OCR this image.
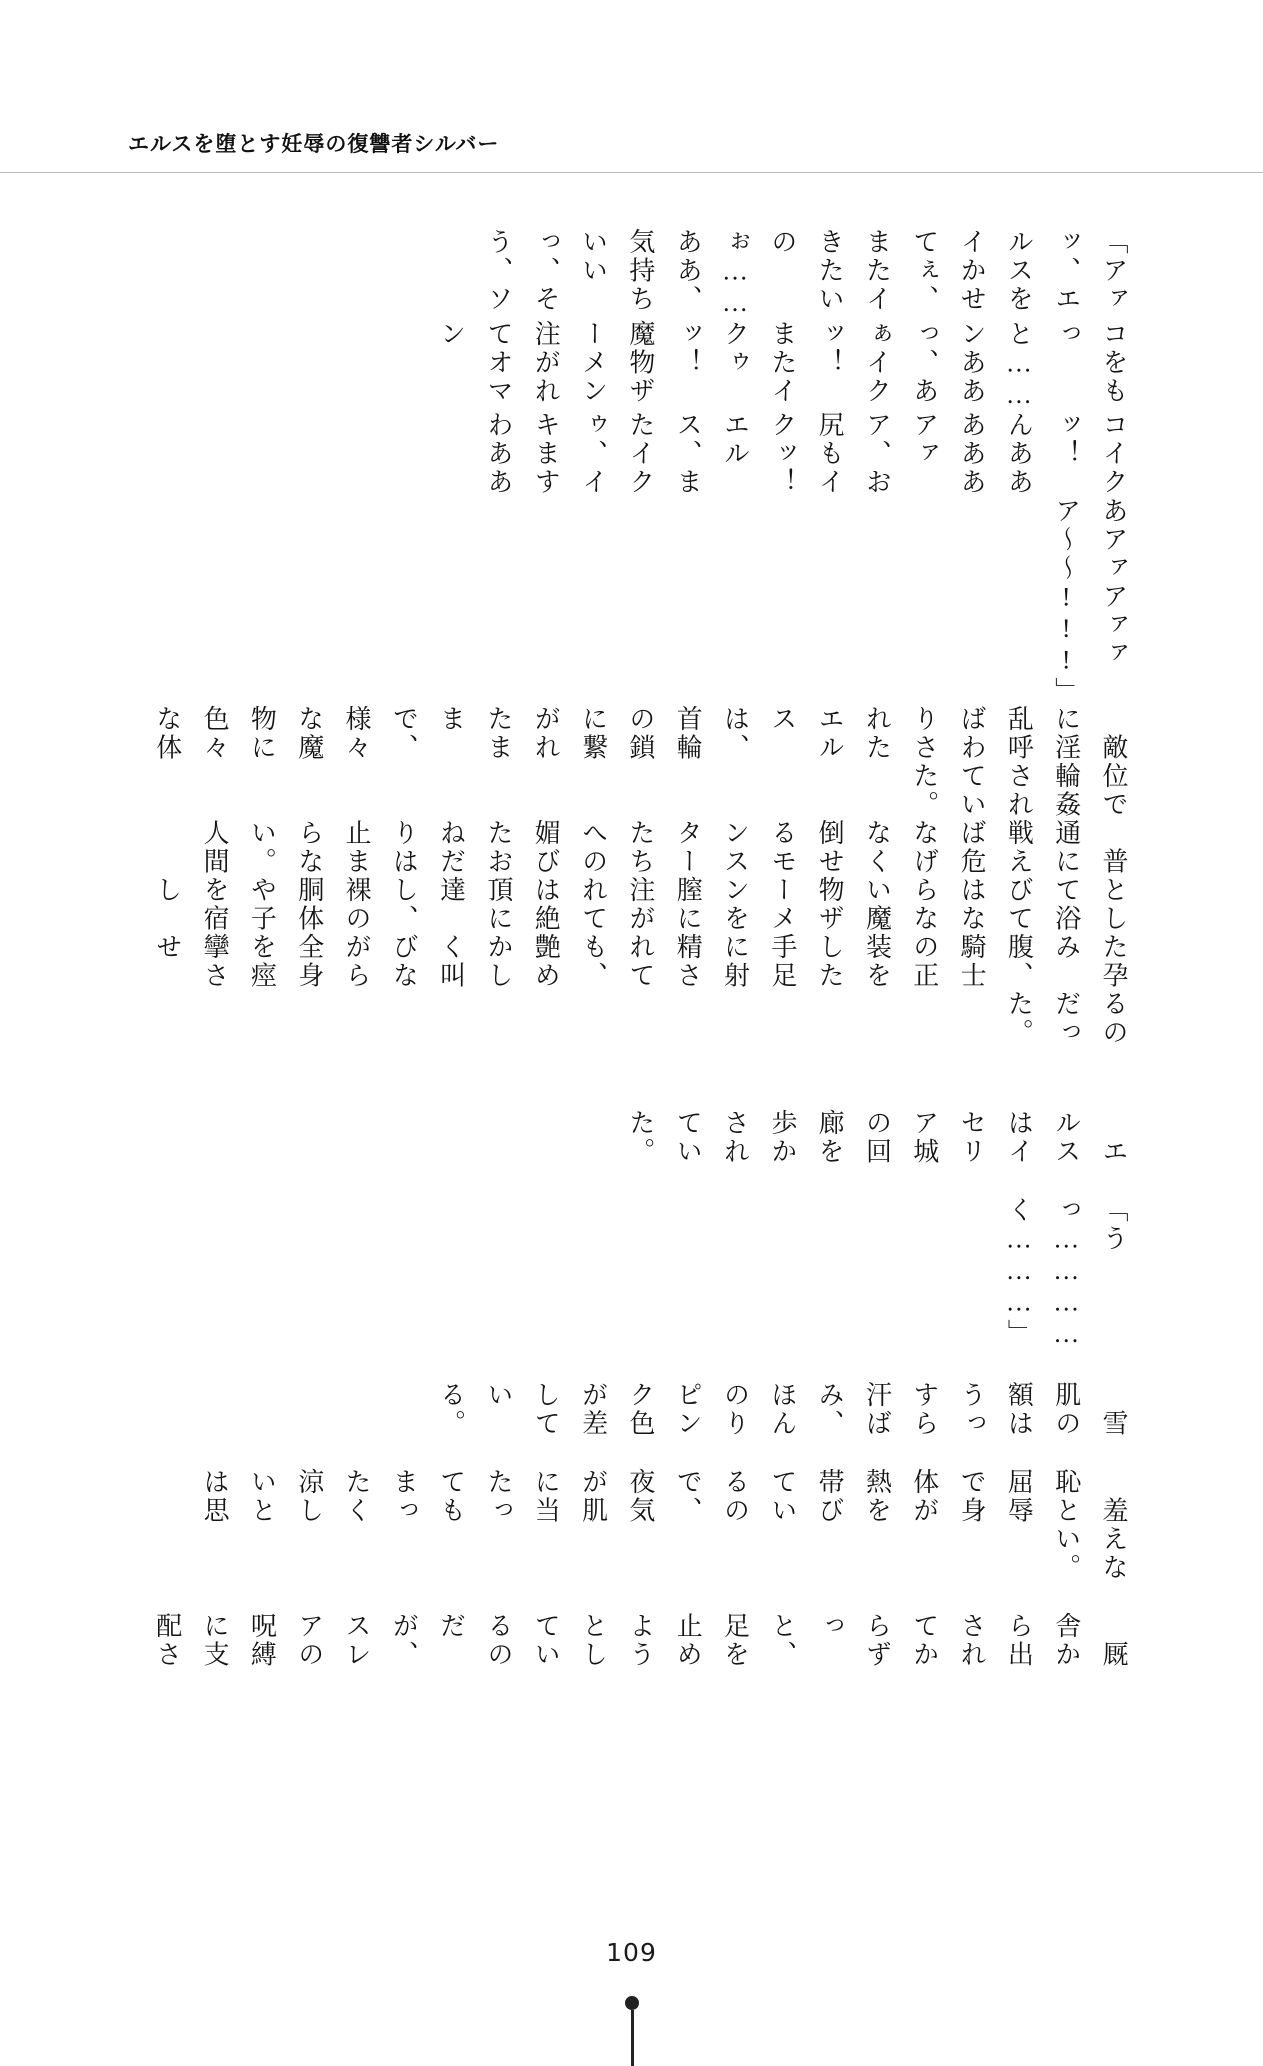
エルスを堕とす妊辱の復讐者シルバー
「アァッ、エルスをイかせてぇ、またイきたいのぉ……ああ、気持ちいいっ、そう、ソ
コをもっと……ンああっ、あぁイクッ！　またイクゥッ！　魔物ザーメン注がれてオマン
コイクッ！　んあああああアァア、お尻もイクッ！　エルス、またイクゥ、イキますわああ
あアァアァァア〜〜!!!」
　敵に淫乱呼ばわりされたエルスは、首輪の鎖に繋がれたままで、様々な魔物に色々な体
位で輪姦されていた。
　普通に戦えば危なげなく倒せるモンスターたちへの媚びたおねだりは止まらない。人間
として浴びてはならない魔物ザーメンを膣に注がれては絶頂に達し、裸の胴体や子を宿し
た孕み腹、騎士の正装をした手足に射精されても、艶めかしく叫びながら全身を痙攣させ
るのだった。
　エルスはイセリア城の回廊を歩かされていた。
「うっ…………く………」
　雪肌の額はうっすら汗ばみ、ほんのりピンク色が差している。
　羞恥と屈辱で身体が熱を帯びているので、夜気が肌に当たってもまったく涼しいとは思
えない。
　厩舎から出されてからずっと、足を止めようとしているのだが、スレアの呪縛に支配さ
109
